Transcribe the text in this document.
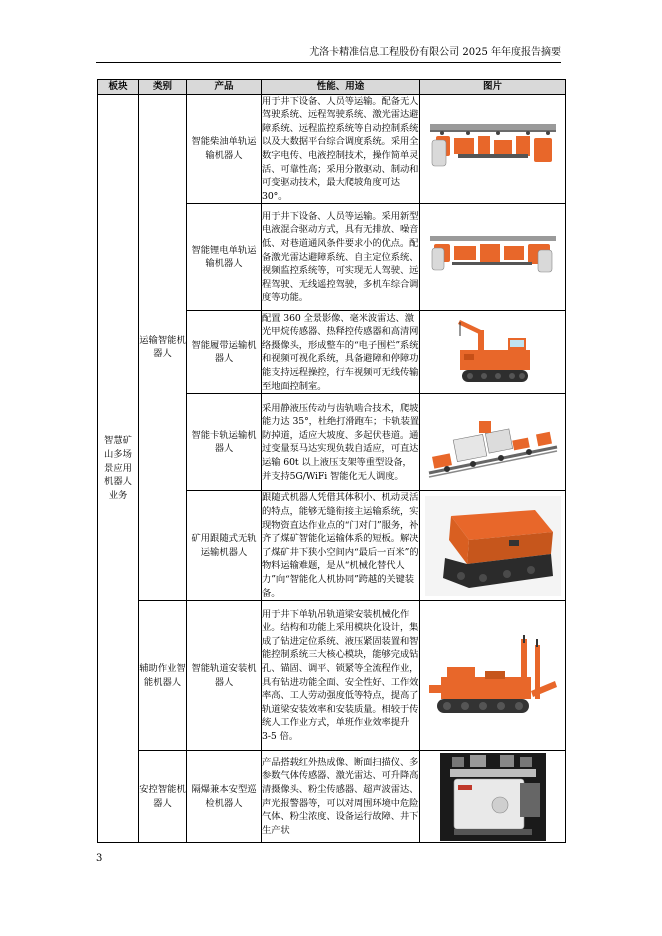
尤洛卡精准信息工程股份有限公司 2025 年年度报告摘要
板块	类别	产品	性能、用途	图片
智慧矿山多场景应用机器人业务	运输智能机器人	智能柴油单轨运输机器人	用于井下设备、人员等运输。配备无人驾驶系统、远程驾驶系统、激光雷达避障系统、远程监控系统等自动控制系统以及大数据平台综合调度系统。采用全数字电传、电液控制技术，操作简单灵活、可靠性高；采用分散驱动、制动和可变驱动技术，最大爬坡角度可达 30°。	

		智能锂电单轨运输机器人	用于井下设备、人员等运输。采用新型电液混合驱动方式，具有无排放、噪音低、对巷道通风条件要求小的优点。配备激光雷达避障系统、自主定位系统、视频监控系统等，可实现无人驾驶、远程驾驶、无线遥控驾驶，多机车综合调度等功能。	

		智能履带运输机器人	配置 360 全景影像、毫米波雷达、激光甲烷传感器、热释控传感器和高清网络摄像头，形成整车的“电子围栏”系统和视频可视化系统，具备避障和停障功能支持远程操控，行车视频可无线传输至地面控制室。	

		智能卡轨运输机器人	采用静液压传动与齿轨啮合技术，爬坡能力达 35°，杜绝打滑跑车；卡轨装置防掉道，适应大坡度、多起伏巷道。通过变量泵马达实现负载自适应，可直达运输 60t 以上液压支架等重型设备，并支持5G/WiFi 智能化无人调度。	

		矿用跟随式无轨运输机器人	跟随式机器人凭借其体积小、机动灵活的特点，能够无缝衔接主运输系统，实现物资直达作业点的“门对门”服务，补齐了煤矿智能化运输体系的短板。解决了煤矿井下狭小空间内“最后一百米”的物料运输难题，是从“机械化替代人力”向“智能化人机协同”跨越的关键装备。	

	辅助作业智能机器人	智能轨道安装机器人	用于井下单轨吊轨道梁安装机械化作业。结构和功能上采用模块化设计，集成了钻进定位系统、液压紧固装置和智能控制系统三大核心模块，能够完成钻孔、锚固、调平、锁紧等全流程作业，具有钻进功能全面、安全性好、工作效率高、工人劳动强度低等特点，提高了轨道梁安装效率和安装质量。相较于传统人工作业方式，单班作业效率提升 3-5 倍。	

	安控智能机器人	隔爆兼本安型巡检机器人	产品搭载红外热成像、断面扫描仪、多参数气体传感器、激光雷达、可升降高清摄像头、粉尘传感器、超声波雷达、声光报警器等，可以对周围环境中危险气体、粉尘浓度、设备运行故障、井下生产状	
3
